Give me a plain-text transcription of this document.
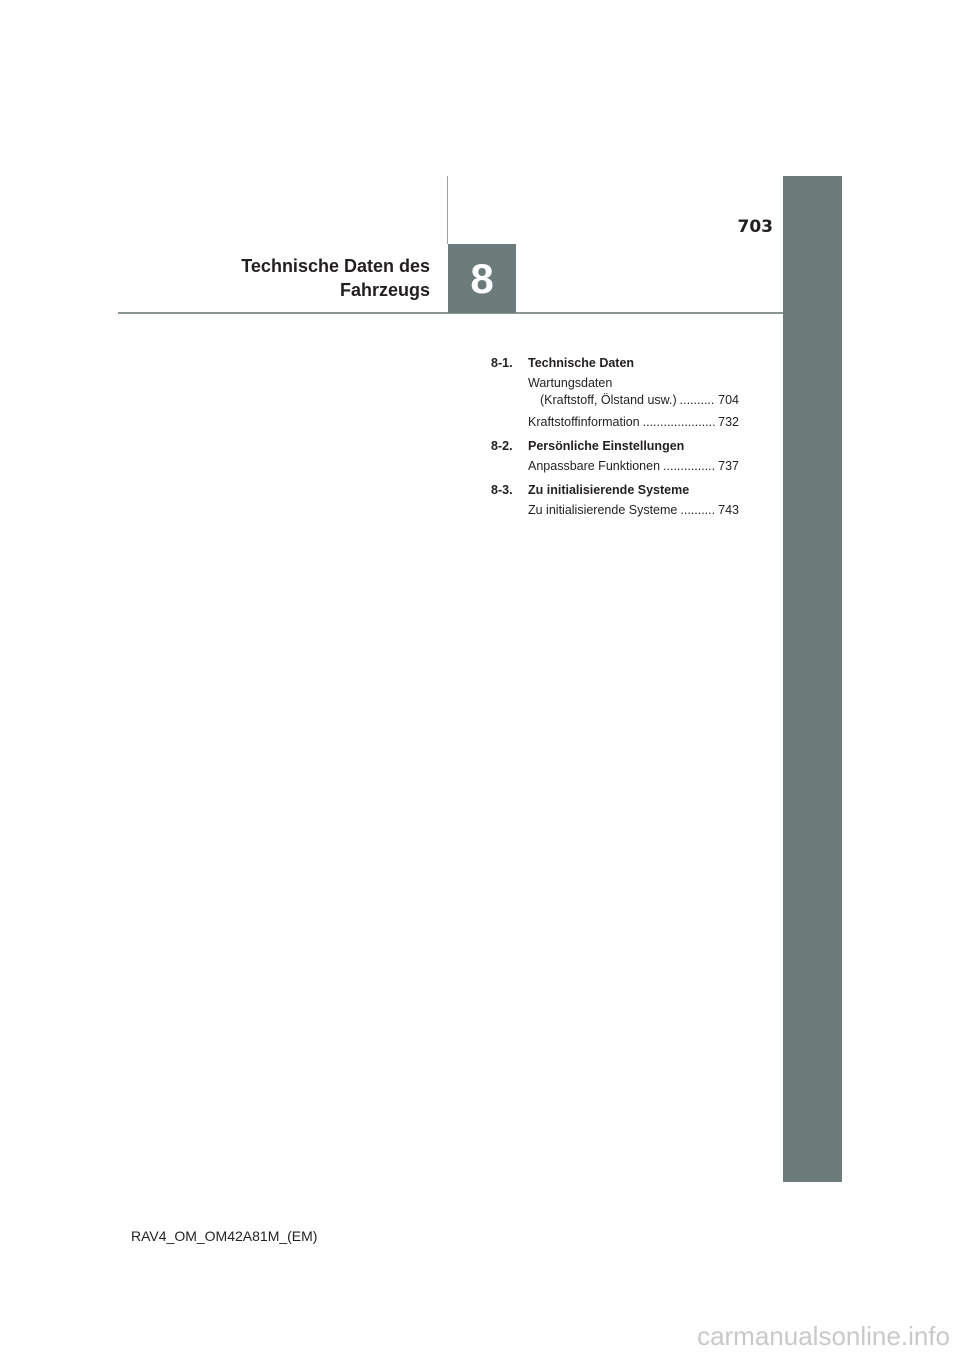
703
Technische Daten des
Fahrzeugs 8
8-1.	Technische Daten
Wartungsdaten
(Kraftstoff, Ölstand usw.) .....	704
Kraftstoffinformation .....	732
8-2.	Persönliche Einstellungen
Anpassbare Funktionen .....	737
8-3.	Zu initialisierende Systeme
Zu initialisierende Systeme .....	743
RAV4_OM_OM42A81M_(EM)
carmanualsonline.info
